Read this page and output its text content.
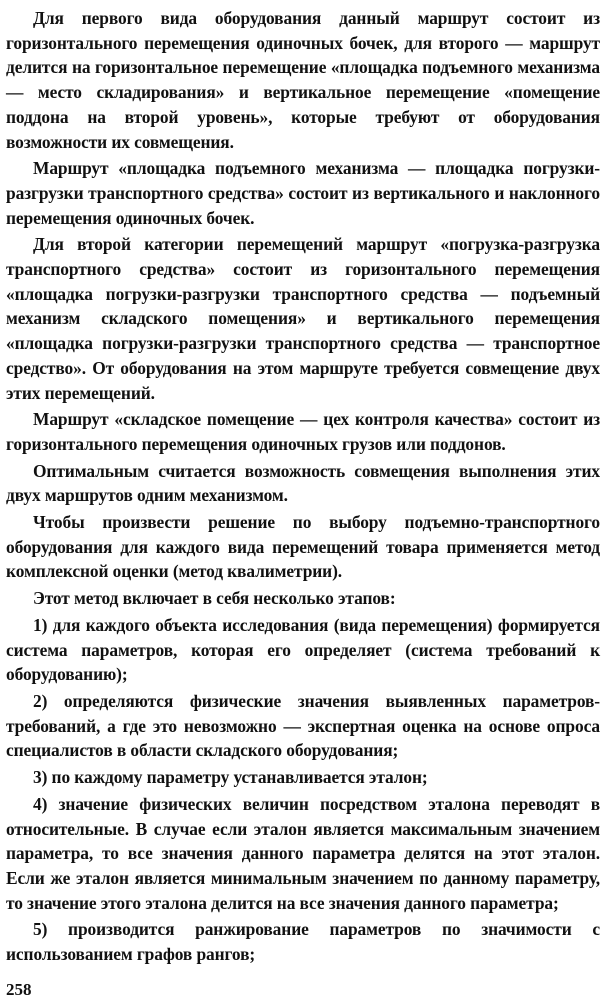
Для первого вида оборудования данный маршрут состоит из горизонтального перемещения одиночных бочек, для второго — маршрут делится на горизонтальное перемещение «площадка подъемного механизма — место складирования» и вертикальное перемещение «помещение поддона на второй уровень», которые требуют от оборудования возможности их совмещения.

Маршрут «площадка подъемного механизма — площадка погрузки-разгрузки транспортного средства» состоит из вертикального и наклонного перемещения одиночных бочек.

Для второй категории перемещений маршрут «погрузка-разгрузка транспортного средства» состоит из горизонтального перемещения «площадка погрузки-разгрузки транспортного средства — подъемный механизм складского помещения» и вертикального перемещения «площадка погрузки-разгрузки транспортного средства — транспортное средство». От оборудования на этом маршруте требуется совмещение двух этих перемещений.

Маршрут «складское помещение — цех контроля качества» состоит из горизонтального перемещения одиночных грузов или поддонов.

Оптимальным считается возможность совмещения выполнения этих двух маршрутов одним механизмом.

Чтобы произвести решение по выбору подъемно-транспортного оборудования для каждого вида перемещений товара применяется метод комплексной оценки (метод квалиметрии).

Этот метод включает в себя несколько этапов:

1) для каждого объекта исследования (вида перемещения) формируется система параметров, которая его определяет (система требований к оборудованию);

2) определяются физические значения выявленных параметров-требований, а где это невозможно — экспертная оценка на основе опроса специалистов в области складского оборудования;

3) по каждому параметру устанавливается эталон;

4) значение физических величин посредством эталона переводят в относительные. В случае если эталон является максимальным значением параметра, то все значения данного параметра делятся на этот эталон. Если же эталон является минимальным значением по данному параметру, то значение этого эталона делится на все значения данного параметра;

5) производится ранжирование параметров по значимости с использованием графов рангов;

258
